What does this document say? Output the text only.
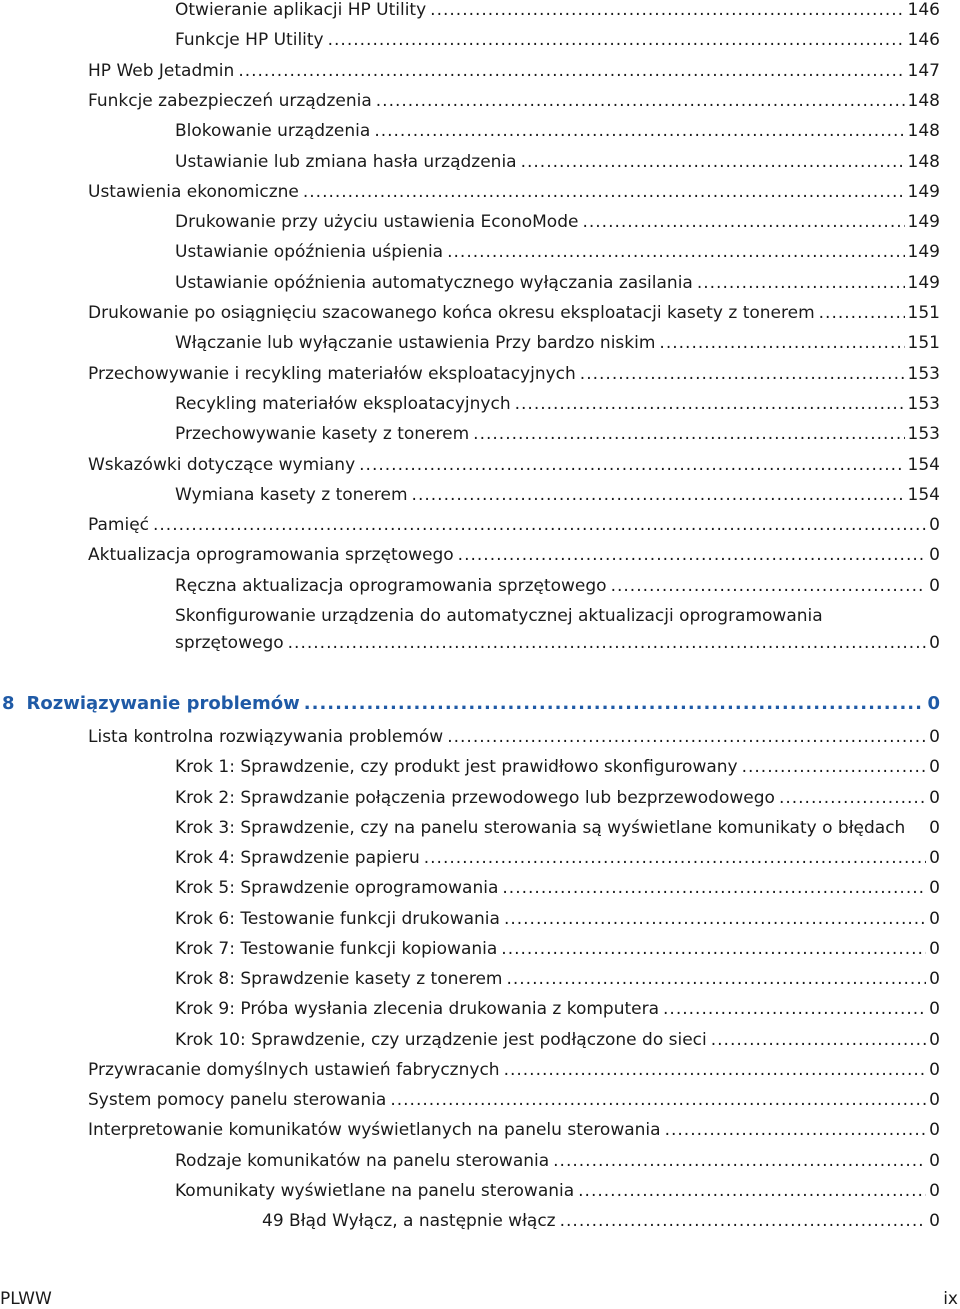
Otwieranie aplikacji HP Utility .....	146
Funkcje HP Utility .....	146
HP Web Jetadmin .....	147
Funkcje zabezpieczeń urządzenia .....	148
Blokowanie urządzenia .....	148
Ustawianie lub zmiana hasła urządzenia .....	148
Ustawienia ekonomiczne .....	149
Drukowanie przy użyciu ustawienia EconoMode .....	149
Ustawianie opóźnienia uśpienia .....	149
Ustawianie opóźnienia automatycznego wyłączania zasilania .....	149
Drukowanie po osiągnięciu szacowanego końca okresu eksploatacji kasety z tonerem .....	151
Włączanie lub wyłączanie ustawienia Przy bardzo niskim .....	151
Przechowywanie i recykling materiałów eksploatacyjnych .....	153
Recykling materiałów eksploatacyjnych .....	153
Przechowywanie kasety z tonerem .....	153
Wskazówki dotyczące wymiany .....	154
Wymiana kasety z tonerem .....	154
Pamięć .....	0
Aktualizacja oprogramowania sprzętowego .....	0
Ręczna aktualizacja oprogramowania sprzętowego .....	0
Skonfigurowanie urządzenia do automatycznej aktualizacji oprogramowania
sprzętowego .....	0
8 Rozwiązywanie problemów .....	0
Lista kontrolna rozwiązywania problemów .....	0
Krok 1: Sprawdzenie, czy produkt jest prawidłowo skonfigurowany .....	0
Krok 2: Sprawdzanie połączenia przewodowego lub bezprzewodowego .....	0
Krok 3: Sprawdzenie, czy na panelu sterowania są wyświetlane komunikaty o błędach 0
Krok 4: Sprawdzenie papieru .....	0
Krok 5: Sprawdzenie oprogramowania .....	0
Krok 6: Testowanie funkcji drukowania .....	0
Krok 7: Testowanie funkcji kopiowania .....	0
Krok 8: Sprawdzenie kasety z tonerem .....	0
Krok 9: Próba wysłania zlecenia drukowania z komputera .....	0
Krok 10: Sprawdzenie, czy urządzenie jest podłączone do sieci .....	0
Przywracanie domyślnych ustawień fabrycznych .....	0
System pomocy panelu sterowania .....	0
Interpretowanie komunikatów wyświetlanych na panelu sterowania .....	0
Rodzaje komunikatów na panelu sterowania .....	0
Komunikaty wyświetlane na panelu sterowania .....	0
49 Błąd Wyłącz, a następnie włącz .....	0
PLWW	ix
